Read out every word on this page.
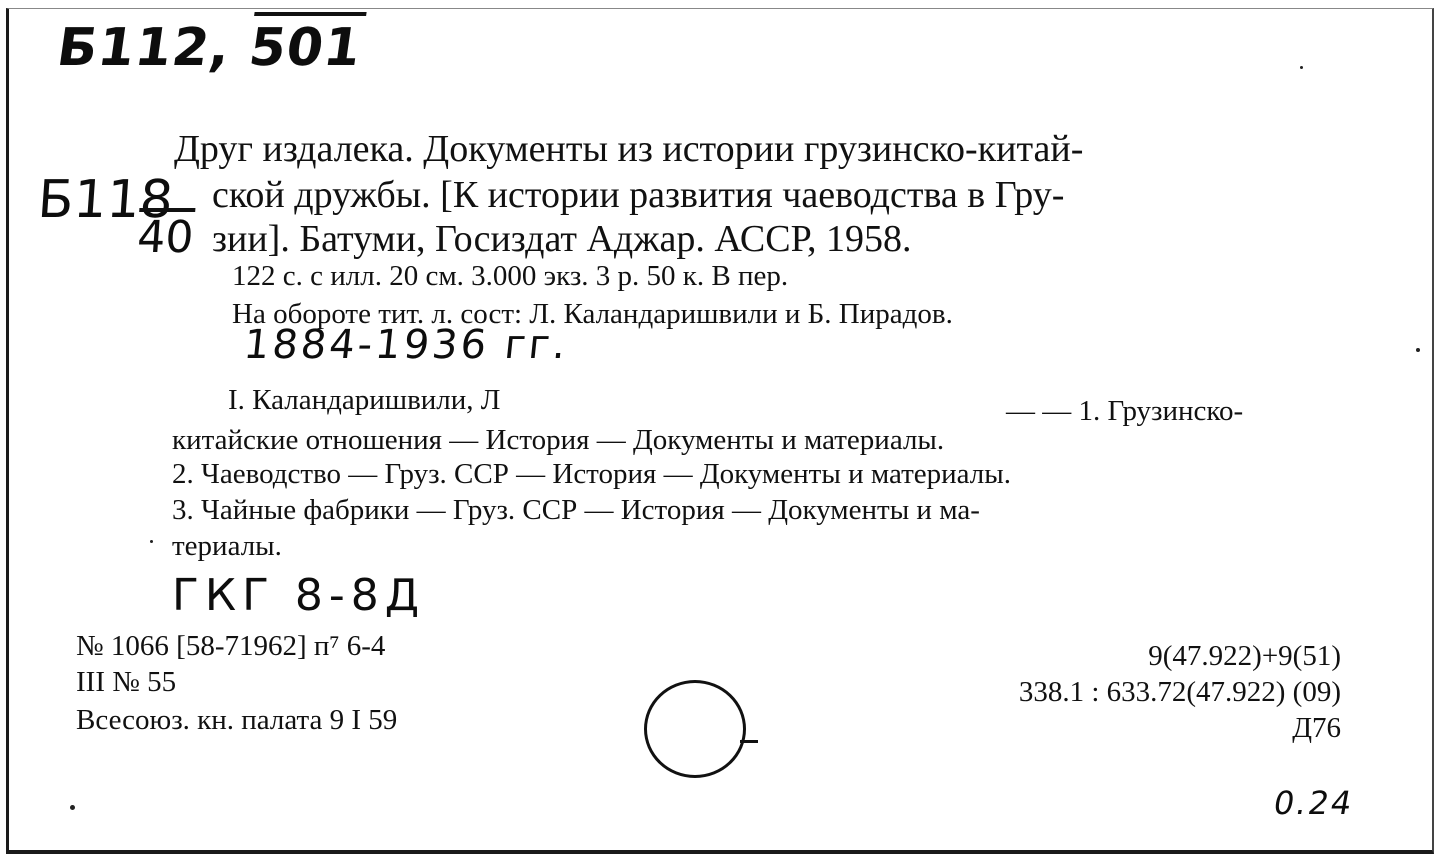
Б112, 501
Б118
40
1884-1936 гг.
ГКГ 8-8Д
0.24
Друг издалека. Документы из истории грузинско-китай-
ской дружбы. [К истории развития чаеводства в Гру-
зии]. Батуми, Госиздат Аджар. АССР, 1958.
122 с. с илл. 20 см. 3.000 экз. 3 р. 50 к. В пер.
На обороте тит. л. сост: Л. Каландаришвили и Б. Пирадов.
I. Каландаришвили, Л	— — 1. Грузинско-
китайские отношения — История — Документы и материалы.
2. Чаеводство — Груз. ССР — История — Документы и материалы.
3. Чайные фабрики — Груз. ССР — История — Документы и ма-
териалы.
№ 1066 [58-71962] п⁷ 6-4
III № 55
Всесоюз. кн. палата 9 I 59
9(47.922)+9(51)
338.1 : 633.72(47.922) (09)
Д76
